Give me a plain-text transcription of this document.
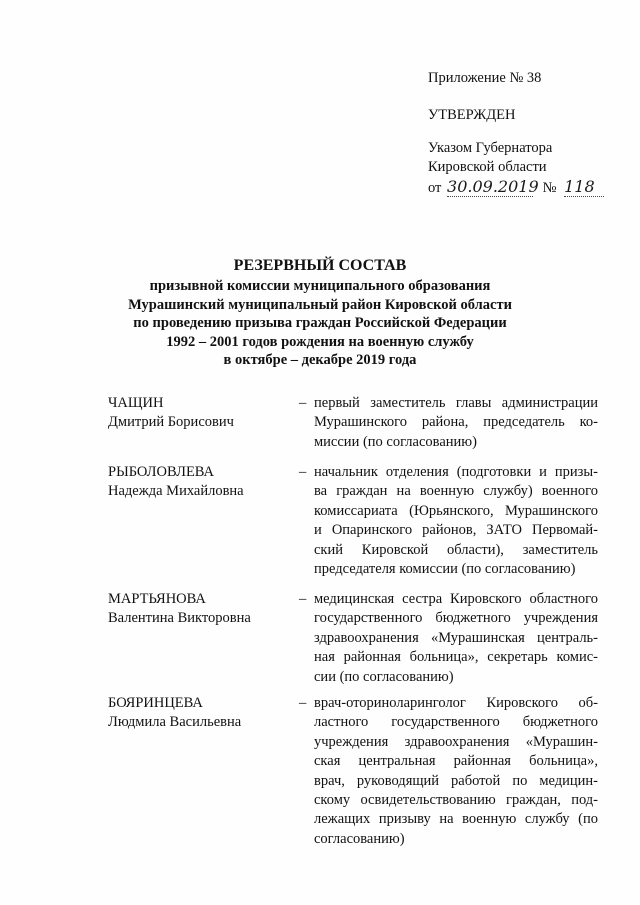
Приложение № 38
УТВЕРЖДЕН
Указом Губернатора
Кировской области
от 30.09.2019 № 118
РЕЗЕРВНЫЙ СОСТАВ
призывной комиссии муниципального образования
Мурашинский муниципальный район Кировской области
по проведению призыва граждан Российской Федерации
1992 – 2001 годов рождения на военную службу
в октябре – декабре 2019 года
ЧАЩИН
Дмитрий Борисович
– первый заместитель главы администрации
Мурашинского района, председатель ко-
миссии (по согласованию)
РЫБОЛОВЛЕВА
Надежда Михайловна
– начальник отделения (подготовки и призы-
ва граждан на военную службу) военного
комиссариата (Юрьянского, Мурашинского
и Опаринского районов, ЗАТО Первомай-
ский Кировской области), заместитель
председателя комиссии (по согласованию)
МАРТЬЯНОВА
Валентина Викторовна
– медицинская сестра Кировского областного
государственного бюджетного учреждения
здравоохранения «Мурашинская централь-
ная районная больница», секретарь комис-
сии (по согласованию)
БОЯРИНЦЕВА
Людмила Васильевна
– врач-оториноларинголог Кировского об-
ластного государственного бюджетного
учреждения здравоохранения «Мурашин-
ская центральная районная больница»,
врач, руководящий работой по медицин-
скому освидетельствованию граждан, под-
лежащих призыву на военную службу (по
согласованию)
